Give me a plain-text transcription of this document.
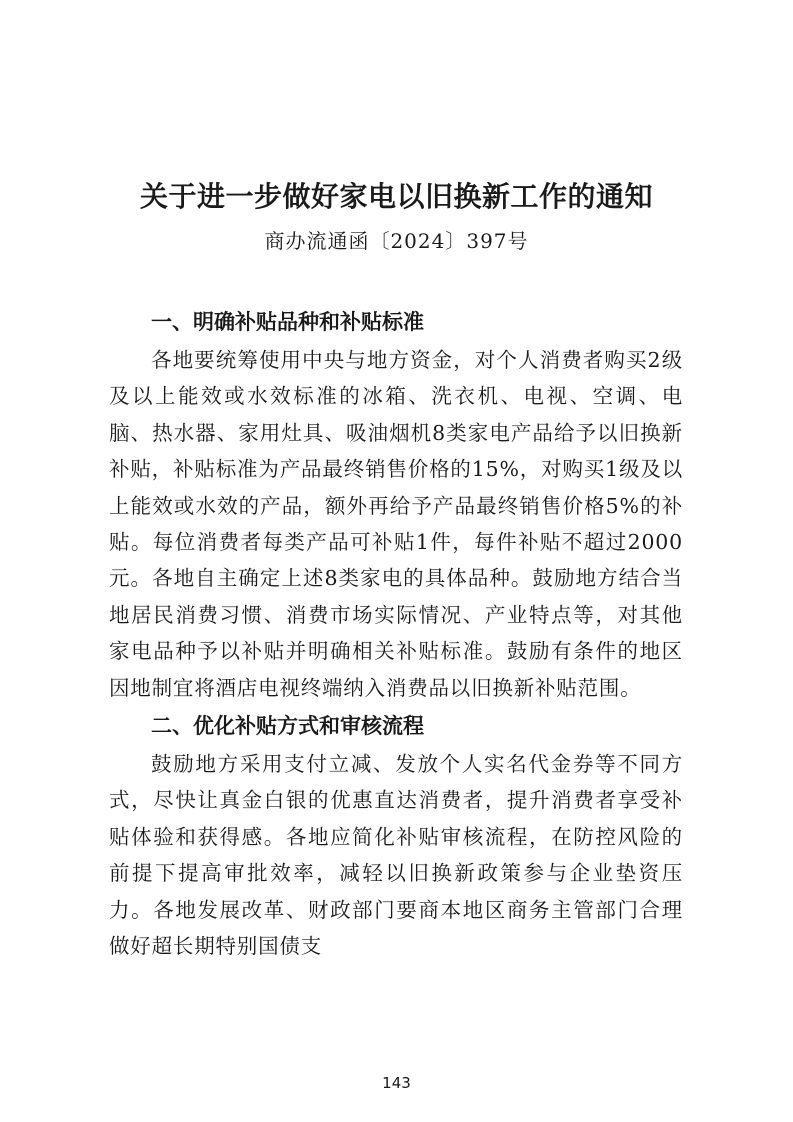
关于进一步做好家电以旧换新工作的通知

商办流通函〔2024〕397号

一、明确补贴品种和补贴标准

各地要统筹使用中央与地方资金，对个人消费者购买2级及以上能效或水效标准的冰箱、洗衣机、电视、空调、电脑、热水器、家用灶具、吸油烟机8类家电产品给予以旧换新补贴，补贴标准为产品最终销售价格的15%，对购买1级及以上能效或水效的产品，额外再给予产品最终销售价格5%的补贴。每位消费者每类产品可补贴1件，每件补贴不超过2000元。各地自主确定上述8类家电的具体品种。鼓励地方结合当地居民消费习惯、消费市场实际情况、产业特点等，对其他家电品种予以补贴并明确相关补贴标准。鼓励有条件的地区因地制宜将酒店电视终端纳入消费品以旧换新补贴范围。

二、优化补贴方式和审核流程

鼓励地方采用支付立减、发放个人实名代金券等不同方式，尽快让真金白银的优惠直达消费者，提升消费者享受补贴体验和获得感。各地应简化补贴审核流程，在防控风险的前提下提高审批效率，减轻以旧换新政策参与企业垫资压力。各地发展改革、财政部门要商本地区商务主管部门合理做好超长期特别国债支

143
